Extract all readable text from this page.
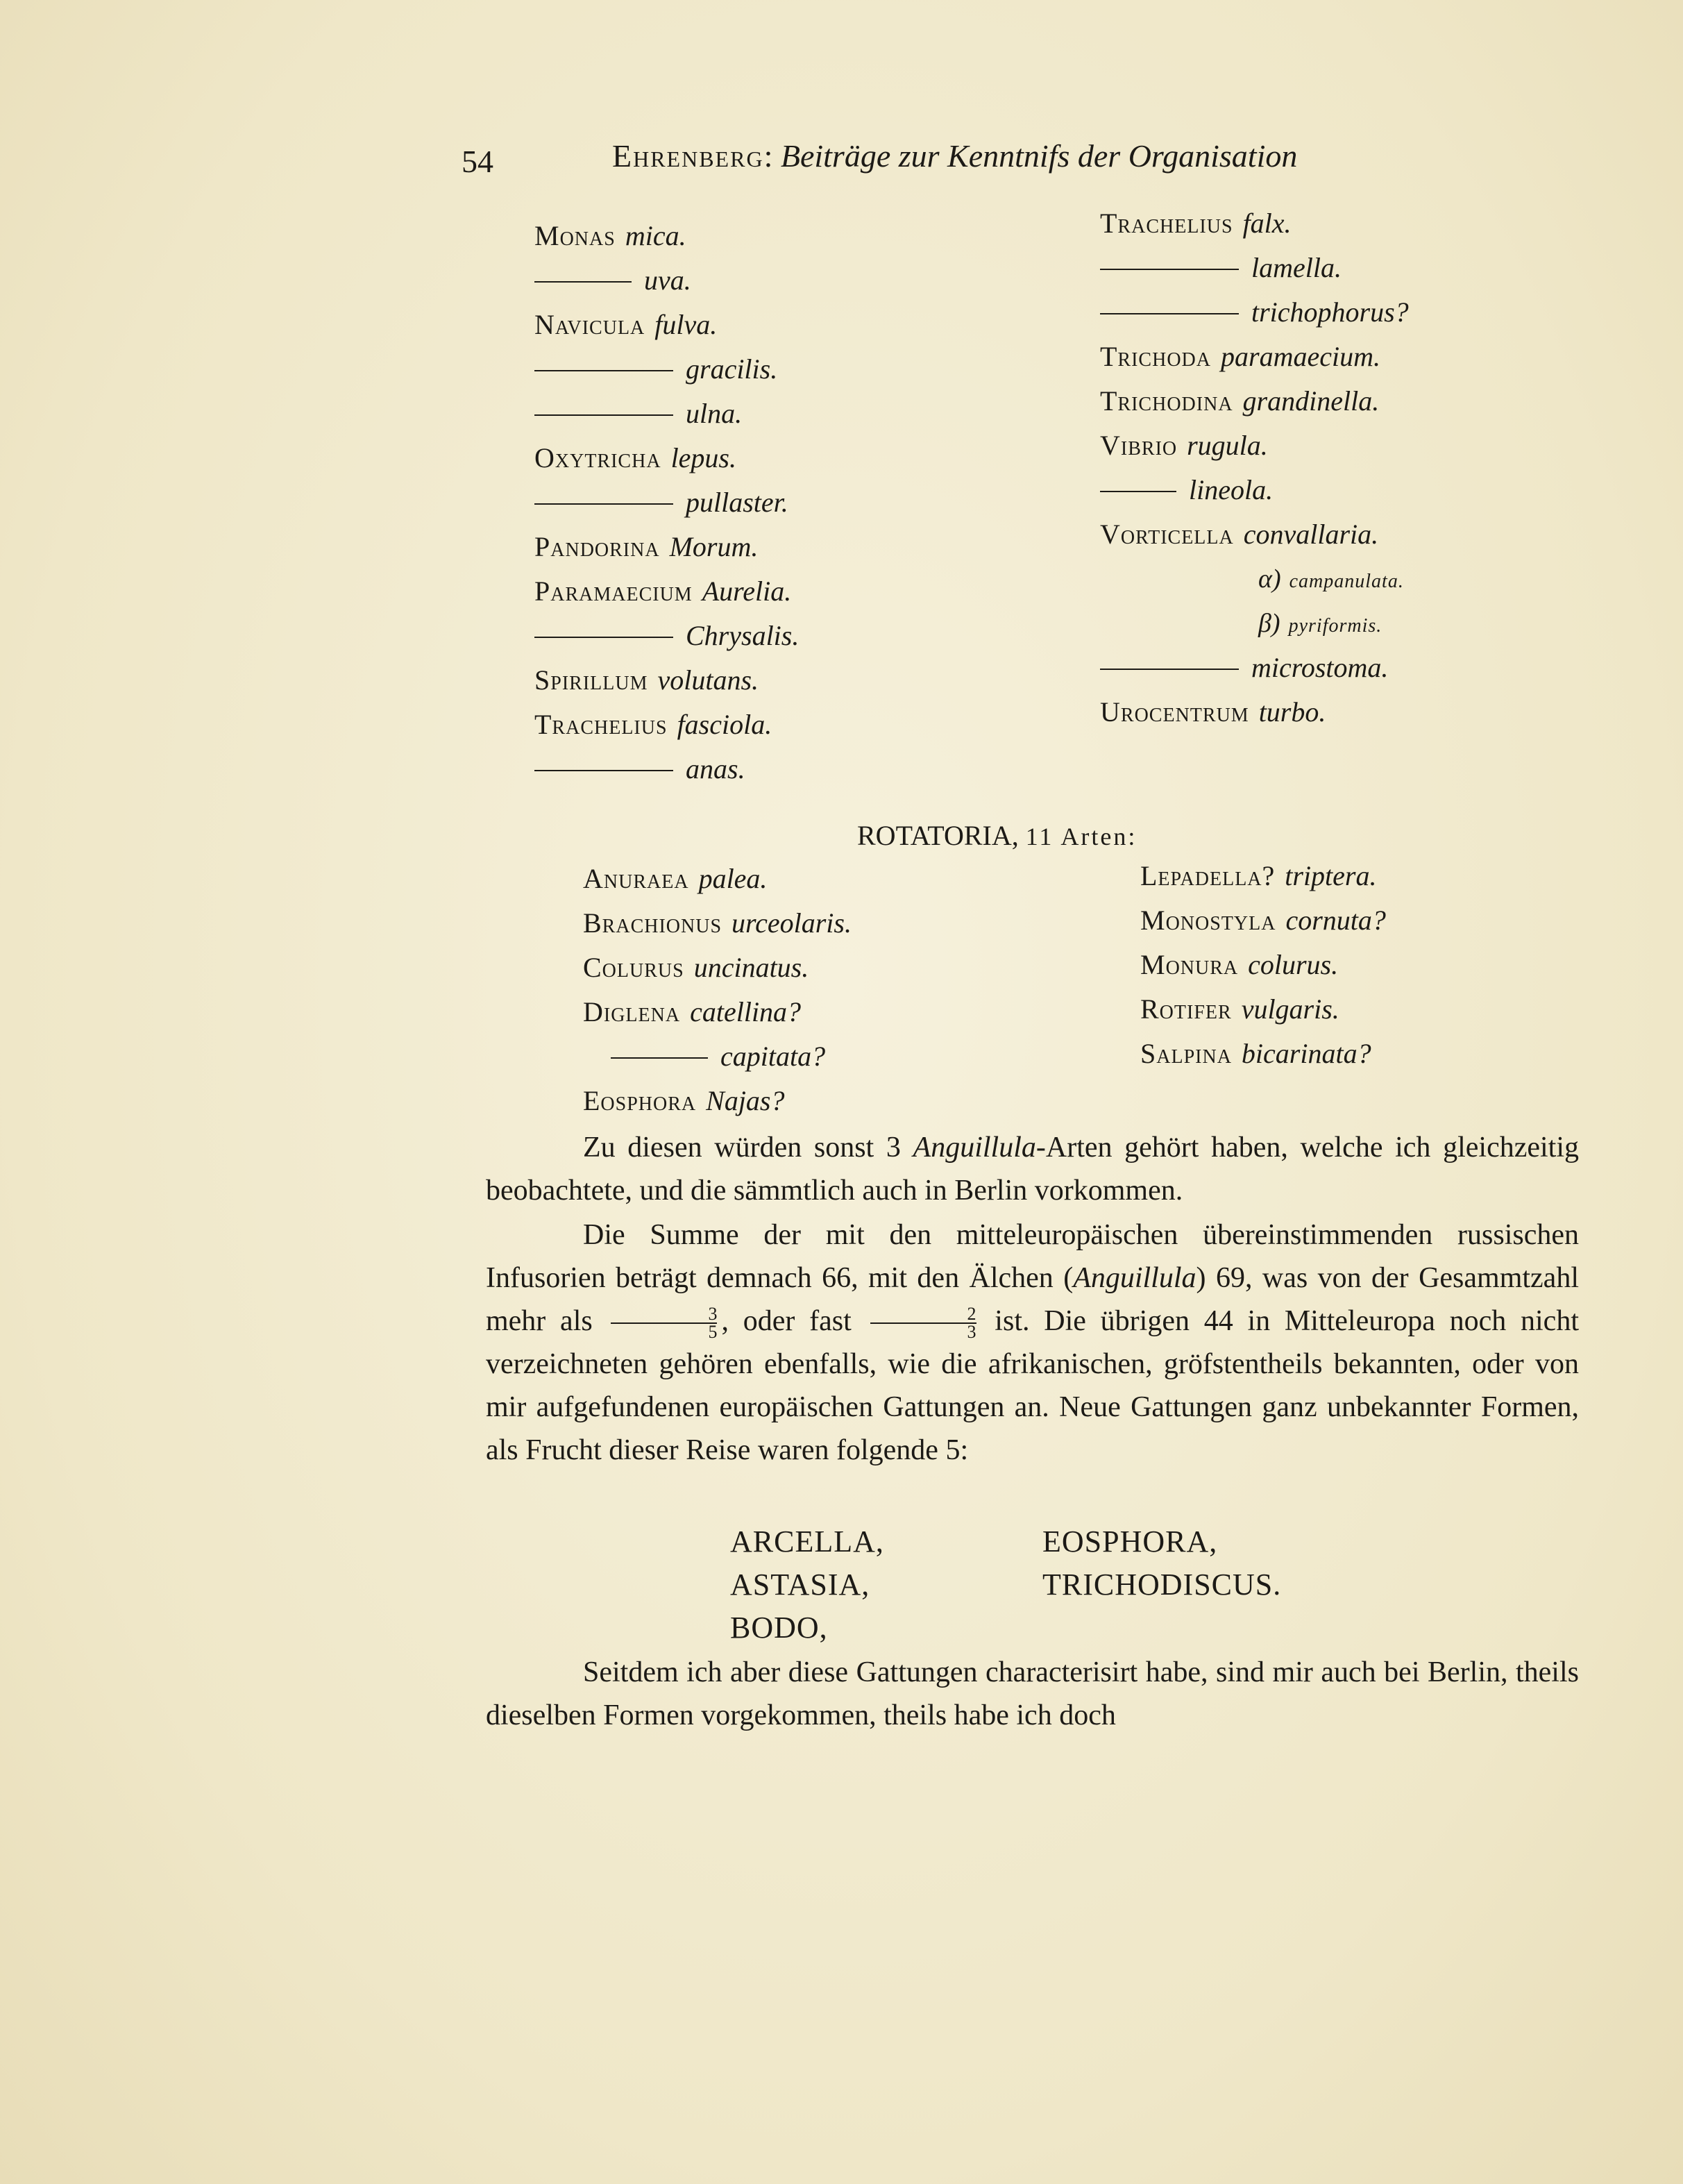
54	Ehrenberg: Beiträge zur Kenntnifs der Organisation
Monas mica.
uva.
Navicula fulva.
gracilis.
ulna.
Oxytricha lepus.
pullaster.
Pandorina Morum.
Paramaecium Aurelia.
Chrysalis.
Spirillum volutans.
Trachelius fasciola.
anas.
Trachelius falx.
lamella.
trichophorus?
Trichoda paramaecium.
Trichodina grandinella.
Vibrio rugula.
lineola.
Vorticella convallaria.
α) campanulata.
β) pyriformis.
microstoma.
Urocentrum turbo.
ROTATORIA, 11 Arten:
Anuraea palea.
Brachionus urceolaris.
Colurus uncinatus.
Diglena catellina?
capitata?
Eosphora Najas?
Lepadella? triptera.
Monostyla cornuta?
Monura colurus.
Rotifer vulgaris.
Salpina bicarinata?
Zu diesen würden sonst 3 Anguillula-Arten gehört haben, welche ich gleichzeitig beobachtete, und die sämmtlich auch in Berlin vorkommen.
Die Summe der mit den mitteleuropäischen übereinstimmenden russischen Infusorien beträgt demnach 66, mit den Älchen (Anguillula) 69, was von der Gesammtzahl mehr als $\frac{3}{5}$ , oder fast $\frac{2}{3}$ ist. Die übrigen 44 in Mitteleuropa noch nicht verzeichneten gehören ebenfalls, wie die afrikanischen, gröfstentheils bekannten, oder von mir aufgefundenen europäischen Gattungen an. Neue Gattungen ganz unbekannter Formen, als Frucht dieser Reise waren folgende 5:
ARCELLA,
ASTASIA,
BODO,
EOSPHORA,
TRICHODISCUS.
Seitdem ich aber diese Gattungen characterisirt habe, sind mir auch bei Berlin, theils dieselben Formen vorgekommen, theils habe ich doch
